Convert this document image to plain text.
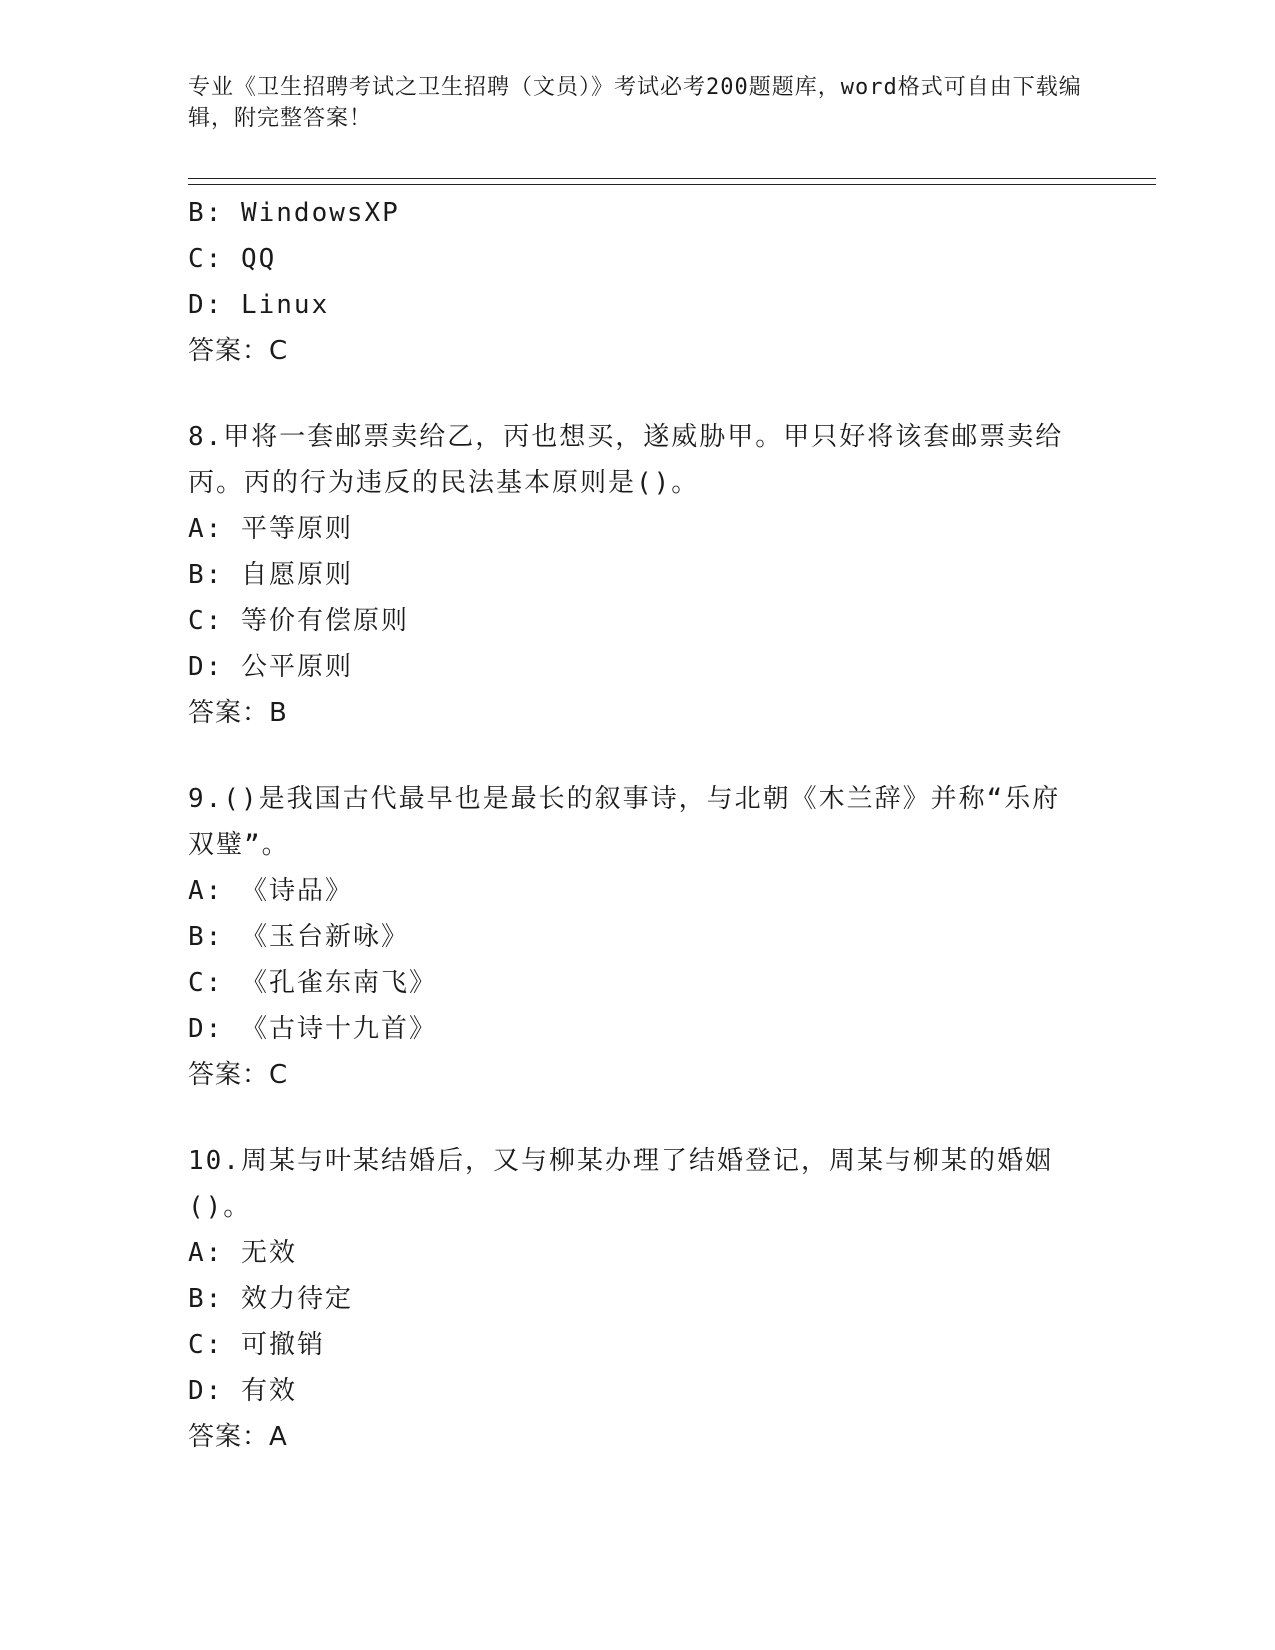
专业《卫生招聘考试之卫生招聘（文员）》考试必考200题题库，word格式可自由下载编辑，附完整答案！
B: WindowsXP
C: QQ
D: Linux
答案：C
8.甲将一套邮票卖给乙，丙也想买，遂威胁甲。甲只好将该套邮票卖给丙。丙的行为违反的民法基本原则是()。
A: 平等原则
B: 自愿原则
C: 等价有偿原则
D: 公平原则
答案：B
9.()是我国古代最早也是最长的叙事诗，与北朝《木兰辞》并称“乐府双璧”。
A: 《诗品》
B: 《玉台新咏》
C: 《孔雀东南飞》
D: 《古诗十九首》
答案：C
10.周某与叶某结婚后，又与柳某办理了结婚登记，周某与柳某的婚姻()。
A: 无效
B: 效力待定
C: 可撤销
D: 有效
答案：A
